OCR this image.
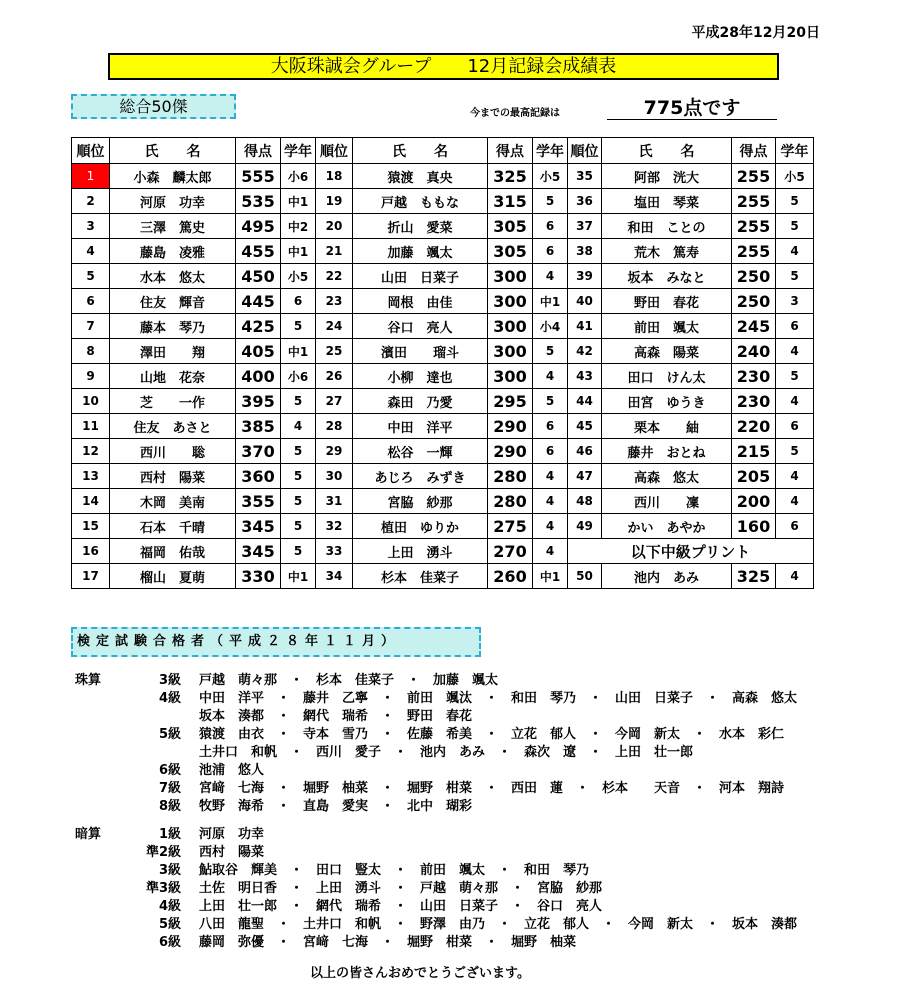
平成28年12月20日
大阪珠誠会グループ　　12月記録会成績表
総合50傑	今までの最高記録は	775点です
順位	氏　　名	得点	学年	順位	氏　　名	得点	学年	順位	氏　　名	得点	学年
1	小森　麟太郎	555	小6	18	猿渡　真央	325	小5	35	阿部　洸大	255	小5
2	河原　功幸	535	中1	19	戸越　ももな	315	5	36	塩田　琴菜	255	5
3	三澤　篤史	495	中2	20	折山　愛菜	305	6	37	和田　ことの	255	5
4	藤島　凌雅	455	中1	21	加藤　颯太	305	6	38	荒木　篤寿	255	4
5	水本　悠太	450	小5	22	山田　日菜子	300	4	39	坂本　みなと	250	5
6	住友　輝音	445	6	23	岡根　由佳	300	中1	40	野田　春花	250	3
7	藤本　琴乃	425	5	24	谷口　亮人	300	小4	41	前田　颯太	245	6
8	澤田　　翔	405	中1	25	濱田　　瑠斗	300	5	42	高森　陽菜	240	4
9	山地　花奈	400	小6	26	小柳　達也	300	4	43	田口　けん太	230	5
10	芝　　一作	395	5	27	森田　乃愛	295	5	44	田宮　ゆうき	230	4
11	住友　あさと	385	4	28	中田　洋平	290	6	45	栗本　　紬	220	6
12	西川　　聡	370	5	29	松谷　一輝	290	6	46	藤井　おとね	215	5
13	西村　陽菜	360	5	30	あじろ　みずき	280	4	47	高森　悠太	205	4
14	木岡　美南	355	5	31	宮脇　紗那	280	4	48	西川　　凜	200	4
15	石本　千晴	345	5	32	植田　ゆりか	275	4	49	かい　あやか	160	6
16	福岡　佑哉	345	5	33	上田　湧斗	270	4	以下中級プリント			
17	榴山　夏萌	330	中1	34	杉本　佳菜子	260	中1	50	池内　あみ	325	4
検定試験合格者（平成２８年１１月）
珠算	3級 戸越　萌々那　・　杉本　佳菜子　・　加藤　颯太
4級 中田　洋平　・　藤井　乙寧　・　前田　颯汰　・　和田　琴乃　・　山田　日菜子　・　高森　悠太
坂本　湊都　・　網代　瑞希　・　野田　春花
5級 猿渡　由衣　・　寺本　雪乃　・　佐藤　希美　・　立花　郁人　・　今岡　新太　・　水本　彩仁
土井口　和帆　・　西川　愛子　・　池内　あみ　・　森次　遼　・　上田　壮一郎
6級 池浦　悠人
7級 宮﨑　七海　・　堀野　柚菜　・　堀野　柑菜　・　西田　蓮　・　杉本　　天音　・　河本　翔詩
8級 牧野　海希　・　直島　愛実　・　北中　瑚彩
暗算	1級 河原　功幸
準2級 西村　陽菜
3級 鮎取谷　輝美　・　田口　豎太　・　前田　颯太　・　和田　琴乃
準3級 土佐　明日香　・　上田　湧斗　・　戸越　萌々那　・　宮脇　紗那
4級 上田　壮一郎　・　網代　瑞希　・　山田　日菜子　・　谷口　亮人
5級 八田　龍聖　・　土井口　和帆　・　野澤　由乃　・　立花　郁人　・　今岡　新太　・　坂本　湊都
6級 藤岡　弥優　・　宮﨑　七海　・　堀野　柑菜　・　堀野　柚菜
以上の皆さんおめでとうございます。
